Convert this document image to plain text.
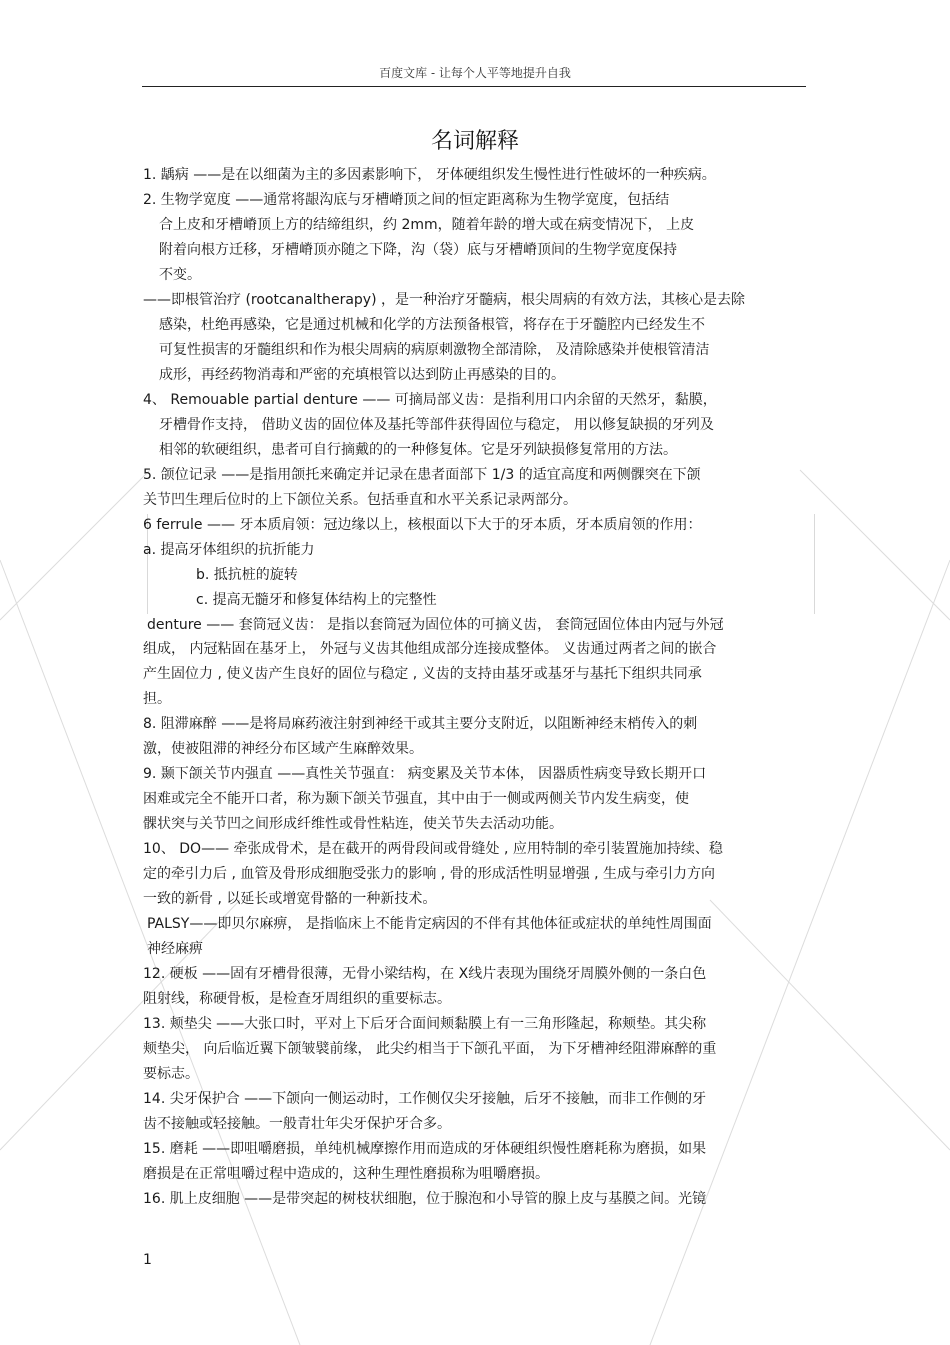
百度文库 - 让每个人平等地提升自我
名词解释
1. 龋病 ——是在以细菌为主的多因素影响下， 牙体硬组织发生慢性进行性破坏的一种疾病。
2. 生物学宽度 ——通常将龈沟底与牙槽嵴顶之间的恒定距离称为生物学宽度，包括结
合上皮和牙槽嵴顶上方的结缔组织，约 2mm，随着年龄的增大或在病变情况下， 上皮
附着向根方迁移，牙槽嵴顶亦随之下降，沟（袋）底与牙槽嵴顶间的生物学宽度保持
不变。
——即根管治疗 (rootcanaltherapy) ，是一种治疗牙髓病，根尖周病的有效方法，其核心是去除
感染，杜绝再感染，它是通过机械和化学的方法预备根管，将存在于牙髓腔内已经发生不
可复性损害的牙髓组织和作为根尖周病的病原刺激物全部清除， 及清除感染并使根管清洁
成形，再经药物消毒和严密的充填根管以达到防止再感染的目的。
4、 Remouable partial denture —— 可摘局部义齿：是指利用口内余留的天然牙，黏膜，
牙槽骨作支持， 借助义齿的固位体及基托等部件获得固位与稳定， 用以修复缺损的牙列及
相邻的软硬组织，患者可自行摘戴的的一种修复体。它是牙列缺损修复常用的方法。
5. 颌位记录 ——是指用颌托来确定并记录在患者面部下 1/3 的适宜高度和两侧髁突在下颌
关节凹生理后位时的上下颌位关系。包括垂直和水平关系记录两部分。
6 ferrule —— 牙本质肩领：冠边缘以上，核根面以下大于的牙本质，牙本质肩领的作用：
a. 提高牙体组织的抗折能力
b. 抵抗桩的旋转
c. 提高无髓牙和修复体结构上的完整性
denture —— 套筒冠义齿： 是指以套筒冠为固位体的可摘义齿， 套筒冠固位体由内冠与外冠
组成， 内冠粘固在基牙上， 外冠与义齿其他组成部分连接成整体。 义齿通过两者之间的嵌合
产生固位力 , 使义齿产生良好的固位与稳定 , 义齿的支持由基牙或基牙与基托下组织共同承
担。
8. 阻滞麻醉 ——是将局麻药液注射到神经干或其主要分支附近，以阻断神经末梢传入的刺
激，使被阻滞的神经分布区域产生麻醉效果。
9. 颞下颌关节内强直 ——真性关节强直： 病变累及关节本体， 因器质性病变导致长期开口
困难或完全不能开口者，称为颞下颌关节强直，其中由于一侧或两侧关节内发生病变，使
髁状突与关节凹之间形成纤维性或骨性粘连，使关节失去活动功能。
10、 DO—— 牵张成骨术，是在截开的两骨段间或骨缝处 , 应用特制的牵引装置施加持续、稳
定的牵引力后 , 血管及骨形成细胞受张力的影响 , 骨的形成活性明显增强 , 生成与牵引力方向
一致的新骨 , 以延长或增宽骨骼的一种新技术。
PALSY——即贝尔麻痹， 是指临床上不能肯定病因的不伴有其他体征或症状的单纯性周围面
神经麻痹
12. 硬板 ——固有牙槽骨很薄，无骨小梁结构，在 X线片表现为围绕牙周膜外侧的一条白色
阻射线，称硬骨板，是检查牙周组织的重要标志。
13. 颊垫尖 ——大张口时，平对上下后牙合面间颊黏膜上有一三角形隆起，称颊垫。其尖称
颊垫尖， 向后临近翼下颌皱襞前缘， 此尖约相当于下颌孔平面， 为下牙槽神经阻滞麻醉的重
要标志。
14. 尖牙保护合 ——下颌向一侧运动时，工作侧仅尖牙接触，后牙不接触，而非工作侧的牙
齿不接触或轻接触。一般青壮年尖牙保护牙合多。
15. 磨耗 ——即咀嚼磨损，单纯机械摩擦作用而造成的牙体硬组织慢性磨耗称为磨损，如果
磨损是在正常咀嚼过程中造成的，这种生理性磨损称为咀嚼磨损。
16. 肌上皮细胞 ——是带突起的树枝状细胞，位于腺泡和小导管的腺上皮与基膜之间。光镜
1
